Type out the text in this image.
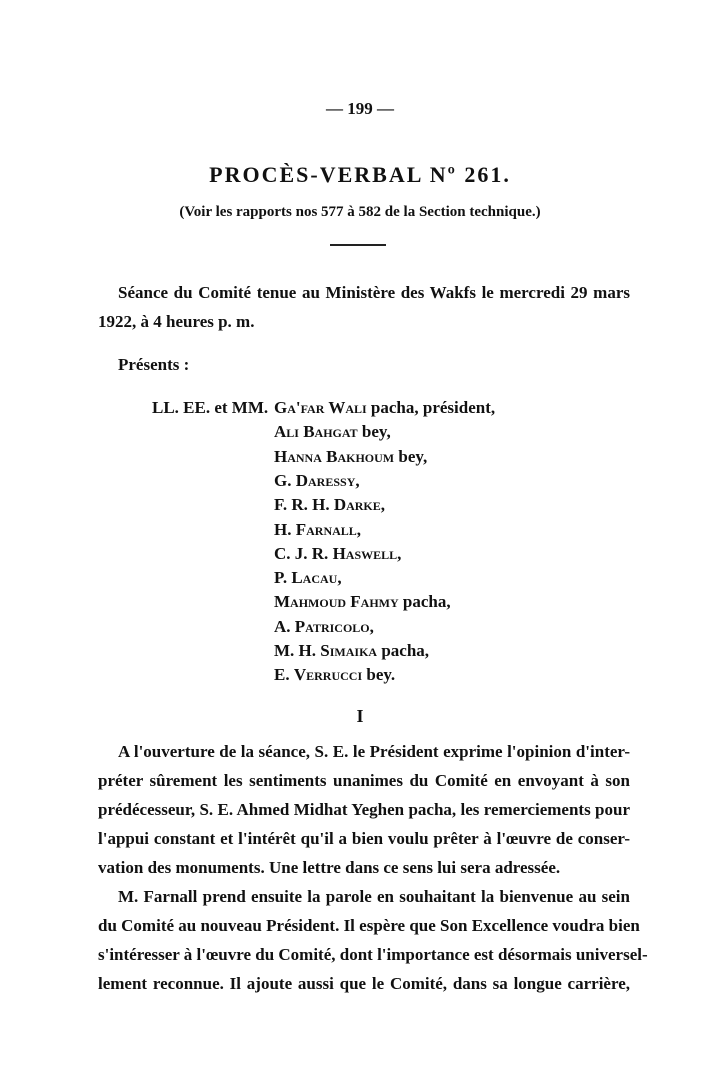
— 199 —
PROCÈS-VERBAL Nº 261.
(Voir les rapports nos 577 à 582 de la Section technique.)
Séance du Comité tenue au Ministère des Wakfs le mercredi 29 mars
1922, à 4 heures p. m.
Présents :
LL. EE. et MM. Ga'far Wali pacha, président,
Ali Bahgat bey,
Hanna Bakhoum bey,
G. Daressy,
F. R. H. Darke,
H. Farnall,
C. J. R. Haswell,
P. Lacau,
Mahmoud Fahmy pacha,
A. Patricolo,
M. H. Simaika pacha,
E. Verrucci bey.
I
A l'ouverture de la séance, S. E. le Président exprime l'opinion d'inter-
préter sûrement les sentiments unanimes du Comité en envoyant à son
prédécesseur, S. E. Ahmed Midhat Yeghen pacha, les remerciements pour
l'appui constant et l'intérêt qu'il a bien voulu prêter à l'œuvre de conser-
vation des monuments. Une lettre dans ce sens lui sera adressée.
M. Farnall prend ensuite la parole en souhaitant la bienvenue au sein
du Comité au nouveau Président. Il espère que Son Excellence voudra bien
s'intéresser à l'œuvre du Comité, dont l'importance est désormais universel-
lement reconnue. Il ajoute aussi que le Comité, dans sa longue carrière,
